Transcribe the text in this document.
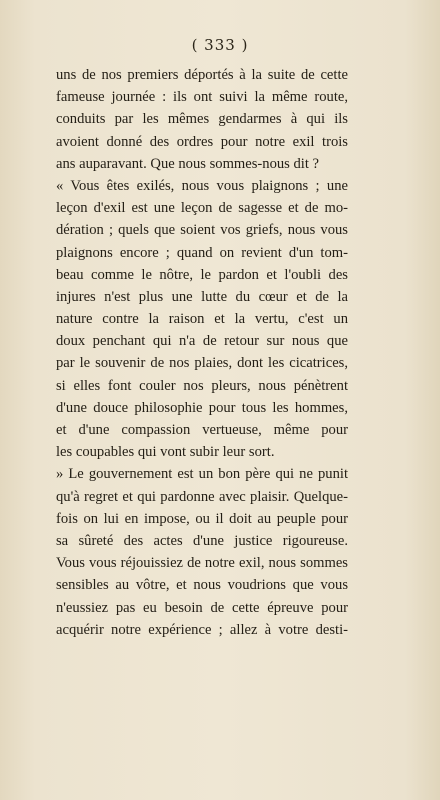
( 333 )
uns de nos premiers déportés à la suite de cette
fameuse journée : ils ont suivi la même route,
conduits par les mêmes gendarmes à qui ils
avoient donné des ordres pour notre exil trois
ans auparavant. Que nous sommes-nous dit ?
« Vous êtes exilés, nous vous plaignons ; une
leçon d'exil est une leçon de sagesse et de mo-
dération ; quels que soient vos griefs, nous vous
plaignons encore ; quand on revient d'un tom-
beau comme le nôtre, le pardon et l'oubli des
injures n'est plus une lutte du cœur et de la
nature contre la raison et la vertu, c'est un
doux penchant qui n'a de retour sur nous que
par le souvenir de nos plaies, dont les cicatrices,
si elles font couler nos pleurs, nous pénètrent
d'une douce philosophie pour tous les hommes,
et d'une compassion vertueuse, même pour
les coupables qui vont subir leur sort.
» Le gouvernement est un bon père qui ne punit
qu'à regret et qui pardonne avec plaisir. Quelque-
fois on lui en impose, ou il doit au peuple pour
sa sûreté des actes d'une justice rigoureuse.
Vous vous réjouissiez de notre exil, nous sommes
sensibles au vôtre, et nous voudrions que vous
n'eussiez pas eu besoin de cette épreuve pour
acquérir notre expérience ; allez à votre desti-
